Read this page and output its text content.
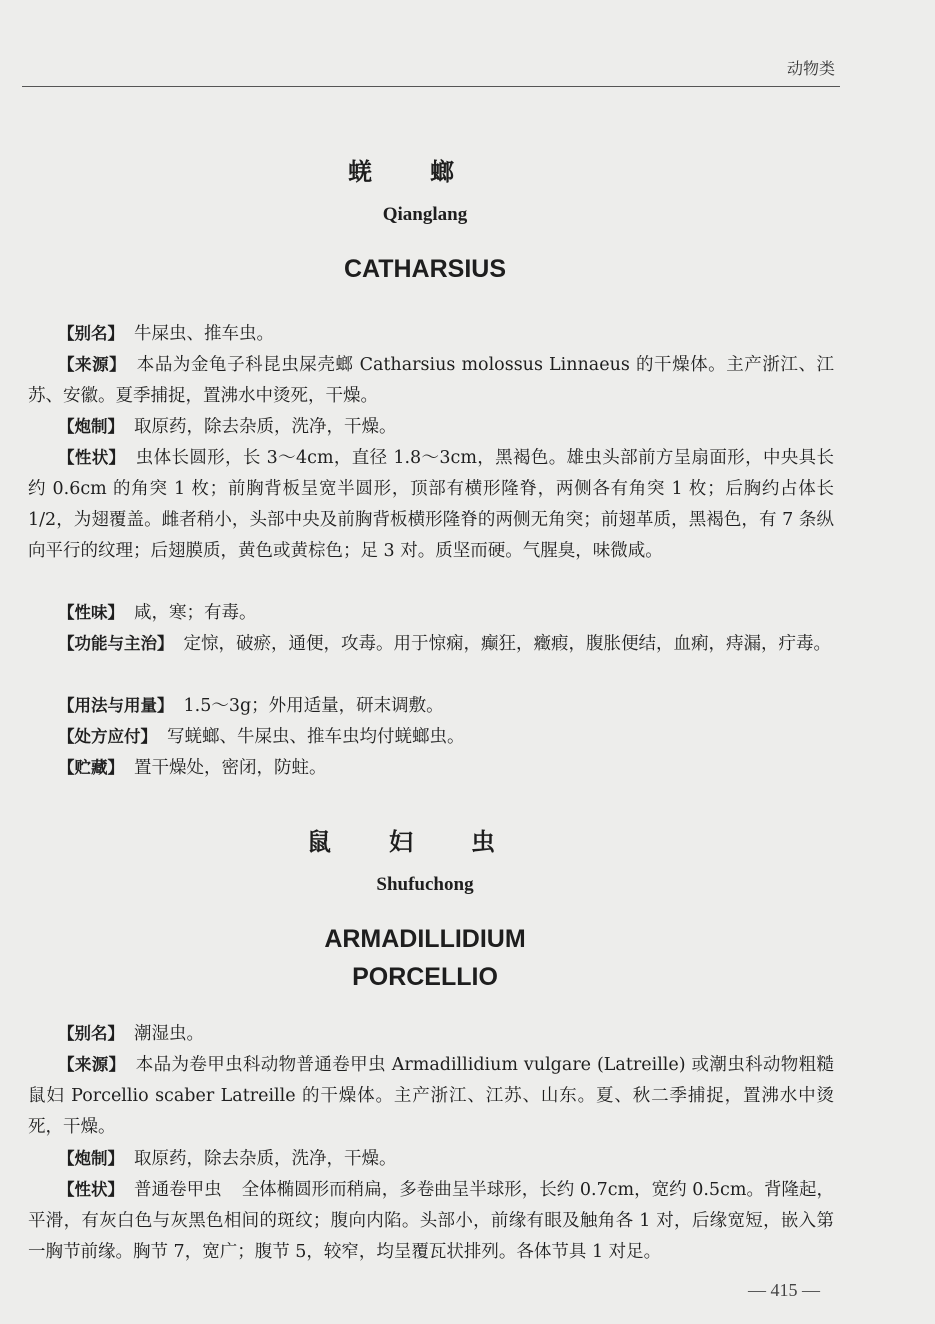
动物类
蜣螂
Qianglang
CATHARSIUS
【别名】 牛屎虫、推车虫。
【来源】 本品为金龟子科昆虫屎壳螂 Catharsius molossus Linnaeus 的干燥体。主产浙江、江苏、安徽。夏季捕捉，置沸水中烫死，干燥。
【炮制】 取原药，除去杂质，洗净，干燥。
【性状】 虫体长圆形，长 3～4cm，直径 1.8～3cm，黑褐色。雄虫头部前方呈扇面形，中央具长约 0.6cm 的角突 1 枚；前胸背板呈宽半圆形，顶部有横形隆脊，两侧各有角突 1 枚；后胸约占体长 1/2，为翅覆盖。雌者稍小，头部中央及前胸背板横形隆脊的两侧无角突；前翅革质，黑褐色，有 7 条纵向平行的纹理；后翅膜质，黄色或黄棕色；足 3 对。质坚而硬。气腥臭，味微咸。
【性味】 咸，寒；有毒。
【功能与主治】 定惊，破瘀，通便，攻毒。用于惊痫，癫狂，癥瘕，腹胀便结，血痢，痔漏，疔毒。
【用法与用量】 1.5～3g；外用适量，研末调敷。
【处方应付】 写蜣螂、牛屎虫、推车虫均付蜣螂虫。
【贮藏】 置干燥处，密闭，防蛀。
鼠妇虫
Shufuchong
ARMADILLIDIUM
PORCELLIO
【别名】 潮湿虫。
【来源】 本品为卷甲虫科动物普通卷甲虫 Armadillidium vulgare (Latreille) 或潮虫科动物粗糙鼠妇 Porcellio scaber Latreille 的干燥体。主产浙江、江苏、山东。夏、秋二季捕捉，置沸水中烫死，干燥。
【炮制】 取原药，除去杂质，洗净，干燥。
【性状】 普通卷甲虫 全体椭圆形而稍扁，多卷曲呈半球形，长约 0.7cm，宽约 0.5cm。背隆起，平滑，有灰白色与灰黑色相间的斑纹；腹向内陷。头部小，前缘有眼及触角各 1 对，后缘宽短，嵌入第一胸节前缘。胸节 7，宽广；腹节 5，较窄，均呈覆瓦状排列。各体节具 1 对足。
— 415 —
